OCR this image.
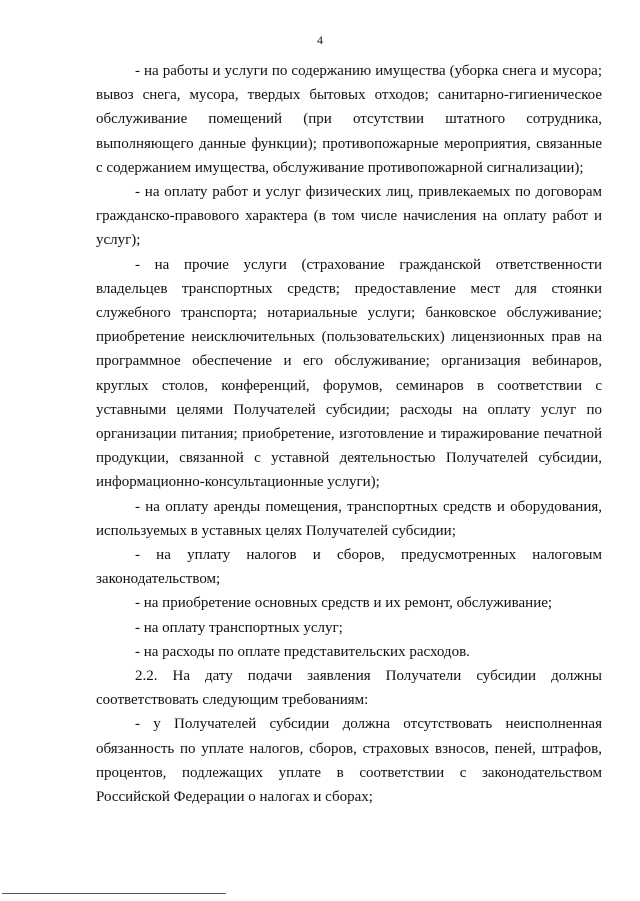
4

- на работы и услуги по содержанию имущества (уборка снега и мусора; вывоз снега, мусора, твердых бытовых отходов; санитарно-гигиеническое обслуживание помещений (при отсутствии штатного сотрудника, выполняющего данные функции); противопожарные мероприятия, связанные с содержанием имущества, обслуживание противопожарной сигнализации);

- на оплату работ и услуг физических лиц, привлекаемых по договорам гражданско-правового характера (в том числе начисления на оплату работ и услуг);

- на прочие услуги (страхование гражданской ответственности владельцев транспортных средств; предоставление мест для стоянки служебного транспорта; нотариальные услуги; банковское обслуживание; приобретение неисключительных (пользовательских) лицензионных прав на программное обеспечение и его обслуживание; организация вебинаров, круглых столов, конференций, форумов, семинаров в соответствии с уставными целями Получателей субсидии; расходы на оплату услуг по организации питания; приобретение, изготовление и тиражирование печатной продукции, связанной с уставной деятельностью Получателей субсидии, информационно-консультационные услуги);

- на оплату аренды помещения, транспортных средств и оборудования, используемых в уставных целях Получателей субсидии;

- на уплату налогов и сборов, предусмотренных налоговым законодательством;

- на приобретение основных средств и их ремонт, обслуживание;

- на оплату транспортных услуг;

- на расходы по оплате представительских расходов.

2.2. На дату подачи заявления Получатели субсидии должны соответствовать следующим требованиям:

- у Получателей субсидии должна отсутствовать неисполненная обязанность по уплате налогов, сборов, страховых взносов, пеней, штрафов, процентов, подлежащих уплате в соответствии с законодательством Российской Федерации о налогах и сборах;
